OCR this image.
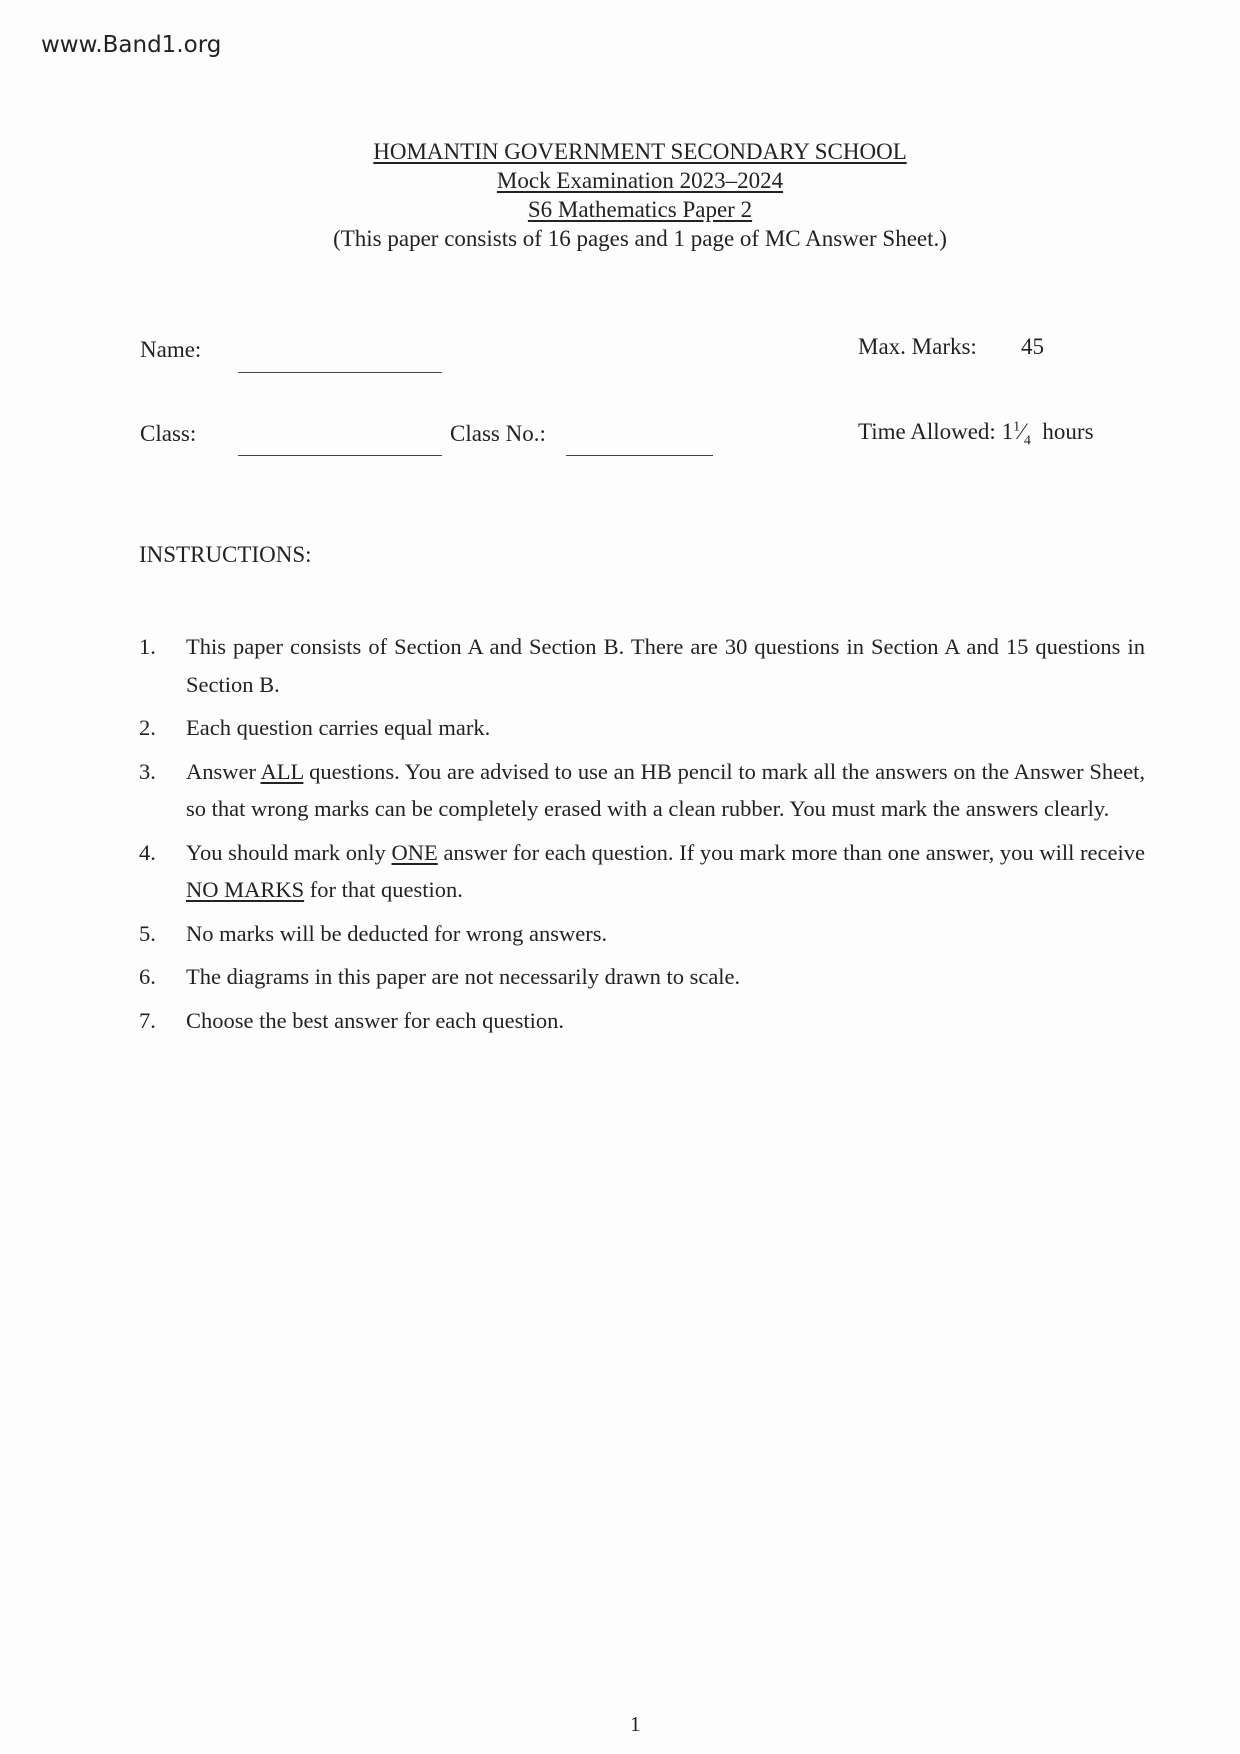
www.Band1.org
HOMANTIN GOVERNMENT SECONDARY SCHOOL
Mock Examination 2023–2024
S6 Mathematics Paper 2
(This paper consists of 16 pages and 1 page of MC Answer Sheet.)
Name:	Max. Marks: 45
Class:	Class No.:	Time Allowed: $1^1⁄_4$ hours
INSTRUCTIONS:
1.	This paper consists of Section A and Section B. There are 30 questions in Section A and 15 questions in Section B.
2.	Each question carries equal mark.
3.	Answer ALL questions. You are advised to use an HB pencil to mark all the answers on the Answer Sheet, so that wrong marks can be completely erased with a clean rubber. You must mark the answers clearly.
4.	You should mark only ONE answer for each question. If you mark more than one answer, you will receive NO MARKS for that question.
5.	No marks will be deducted for wrong answers.
6.	The diagrams in this paper are not necessarily drawn to scale.
7.	Choose the best answer for each question.
1
